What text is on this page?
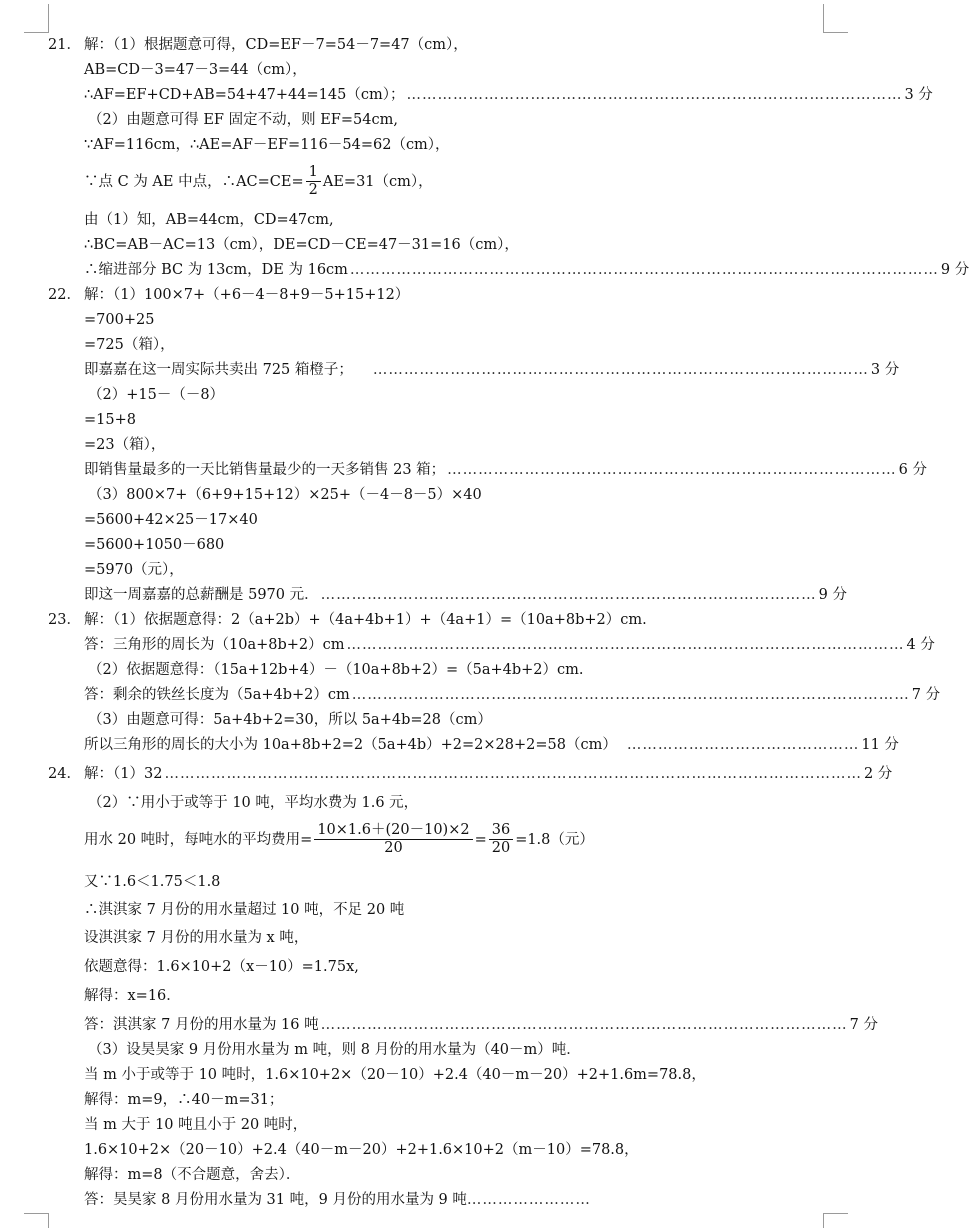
21． 解：（1）根据题意可得，CD=EF－7=54－7=47（cm），
AB=CD－3=47－3=44（cm），
∴AF=EF+CD+AB=54+47+44=145（cm）； …………………………………………………………………………………… 3 分
（2）由题意可得 EF 固定不动，则 EF=54cm,
∵AF=116cm，∴AE=AF－EF=116－54=62（cm），
∵点 C 为 AE 中点，∴AC=CE= $\frac{1}{2} AE=31(cm)$，
由（1）知，AB=44cm，CD=47cm,
∴BC=AB－AC=13（cm），DE=CD－CE=47－31=16（cm），
∴缩进部分 BC 为 13cm，DE 为 16cm …………………………………………………………………………………………………… 9 分
22． 解：（1）100×7+（+6－4－8+9－5+15+12）
=700+25
=725（箱），
即嘉嘉在这一周实际共卖出 725 箱橙子； …………………………………………………………………………………… 3 分
（2）+15－（－8）
=15+8
=23（箱），
即销售量最多的一天比销售量最少的一天多销售 23 箱； …………………………………………………………………………… 6 分
（3）800×7+（6+9+15+12）×25+（－4－8－5）×40
=5600+42×25－17×40
=5600+1050－680
=5970（元），
即这一周嘉嘉的总薪酬是 5970 元． …………………………………………………………………………………… 9 分
23． 解：（1）依据题意得：2（a+2b）+（4a+4b+1）+（4a+1）=（10a+8b+2）cm.
答：三角形的周长为（10a+8b+2）cm ……………………………………………………………………………………………… 4 分
（2）依据题意得：（15a+12b+4）－（10a+8b+2）=（5a+4b+2）cm.
答：剩余的铁丝长度为（5a+4b+2）cm ……………………………………………………………………………………………… 7 分
（3）由题意可得：5a+4b+2=30，所以 5a+4b=28（cm）
所以三角形的周长的大小为 10a+8b+2=2（5a+4b）+2=2×28+2=58（cm） ……………………………………… 11 分
24． 解：（1）32 ……………………………………………………………………………………………………………………… 2 分
（2）∵用小于或等于 10 吨，平均水费为 1.6 元，
用水 20 吨时，每吨水的平均费用= $\frac{10\times 1.6+(20-10)\times 2}{20} = \frac{36}{20} =1.8$（元）
又∵1.6＜1.75＜1.8
∴淇淇家 7 月份的用水量超过 10 吨，不足 20 吨
设淇淇家 7 月份的用水量为 x 吨，
依题意得：1.6×10+2（x－10）=1.75x,
解得：x=16．
答：淇淇家 7 月份的用水量为 16 吨 ………………………………………………………………………………………… 7 分
（3）设昊昊家 9 月份用水量为 m 吨，则 8 月份的用水量为（40－m）吨．
当 m 小于或等于 10 吨时，1.6×10+2×（20－10）+2.4（40－m－20）+2+1.6m=78.8，
解得：m=9，∴40－m=31；
当 m 大于 10 吨且小于 20 吨时，
1.6×10+2×（20－10）+2.4（40－m－20）+2+1.6×10+2（m－10）=78.8，
解得：m=8（不合题意，舍去）．
答：昊昊家 8 月份用水量为 31 吨，9 月份的用水量为 9 吨……………………
